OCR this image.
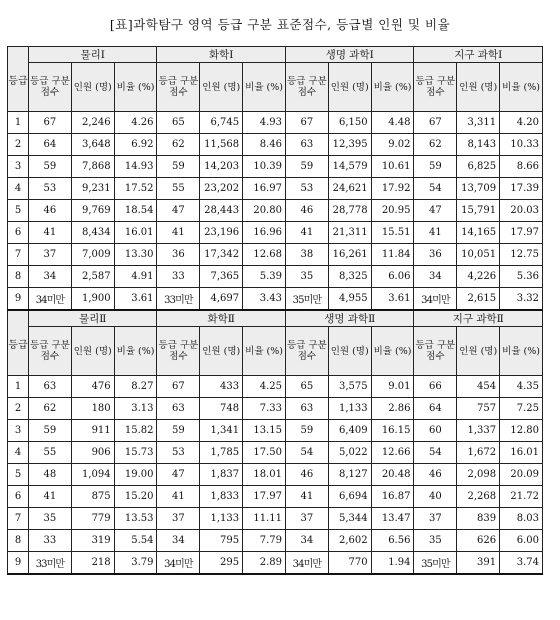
[표]과학탐구 영역 등급 구분 표준점수, 등급별 인원 및 비율
등급	물리Ⅰ			화학Ⅰ			생명 과학Ⅰ			지구 과학Ⅰ		
	등급 구분 점수	인원 (명)	비율 (%)	등급 구분 점수	인원 (명)	비율 (%)	등급 구분 점수	인원 (명)	비율 (%)	등급 구분 점수	인원 (명)	비율 (%)
1	67	2,246	4.26	65	6,745	4.93	67	6,150	4.48	67	3,311	4.20
2	64	3,648	6.92	62	11,568	8.46	63	12,395	9.02	62	8,143	10.33
3	59	7,868	14.93	59	14,203	10.39	59	14,579	10.61	59	6,825	8.66
4	53	9,231	17.52	55	23,202	16.97	53	24,621	17.92	54	13,709	17.39
5	46	9,769	18.54	47	28,443	20.80	46	28,778	20.95	47	15,791	20.03
6	41	8,434	16.01	41	23,196	16.96	41	21,311	15.51	41	14,165	17.97
7	37	7,009	13.30	36	17,342	12.68	38	16,261	11.84	36	10,051	12.75
8	34	2,587	4.91	33	7,365	5.39	35	8,325	6.06	34	4,226	5.36
9	34미만	1,900	3.61	33미만	4,697	3.43	35미만	4,955	3.61	34미만	2,615	3.32
등급	물리Ⅱ			화학Ⅱ			생명 과학Ⅱ			지구 과학Ⅱ		
	등급 구분 점수	인원 (명)	비율 (%)	등급 구분 점수	인원 (명)	비율 (%)	등급 구분 점수	인원 (명)	비율 (%)	등급 구분 점수	인원 (명)	비율 (%)
1	63	476	8.27	67	433	4.25	65	3,575	9.01	66	454	4.35
2	62	180	3.13	63	748	7.33	63	1,133	2.86	64	757	7.25
3	59	911	15.82	59	1,341	13.15	59	6,409	16.15	60	1,337	12.80
4	55	906	15.73	53	1,785	17.50	54	5,022	12.66	54	1,672	16.01
5	48	1,094	19.00	47	1,837	18.01	46	8,127	20.48	46	2,098	20.09
6	41	875	15.20	41	1,833	17.97	41	6,694	16.87	40	2,268	21.72
7	35	779	13.53	37	1,133	11.11	37	5,344	13.47	37	839	8.03
8	33	319	5.54	34	795	7.79	34	2,602	6.56	35	626	6.00
9	33미만	218	3.79	34미만	295	2.89	34미만	770	1.94	35미만	391	3.74
